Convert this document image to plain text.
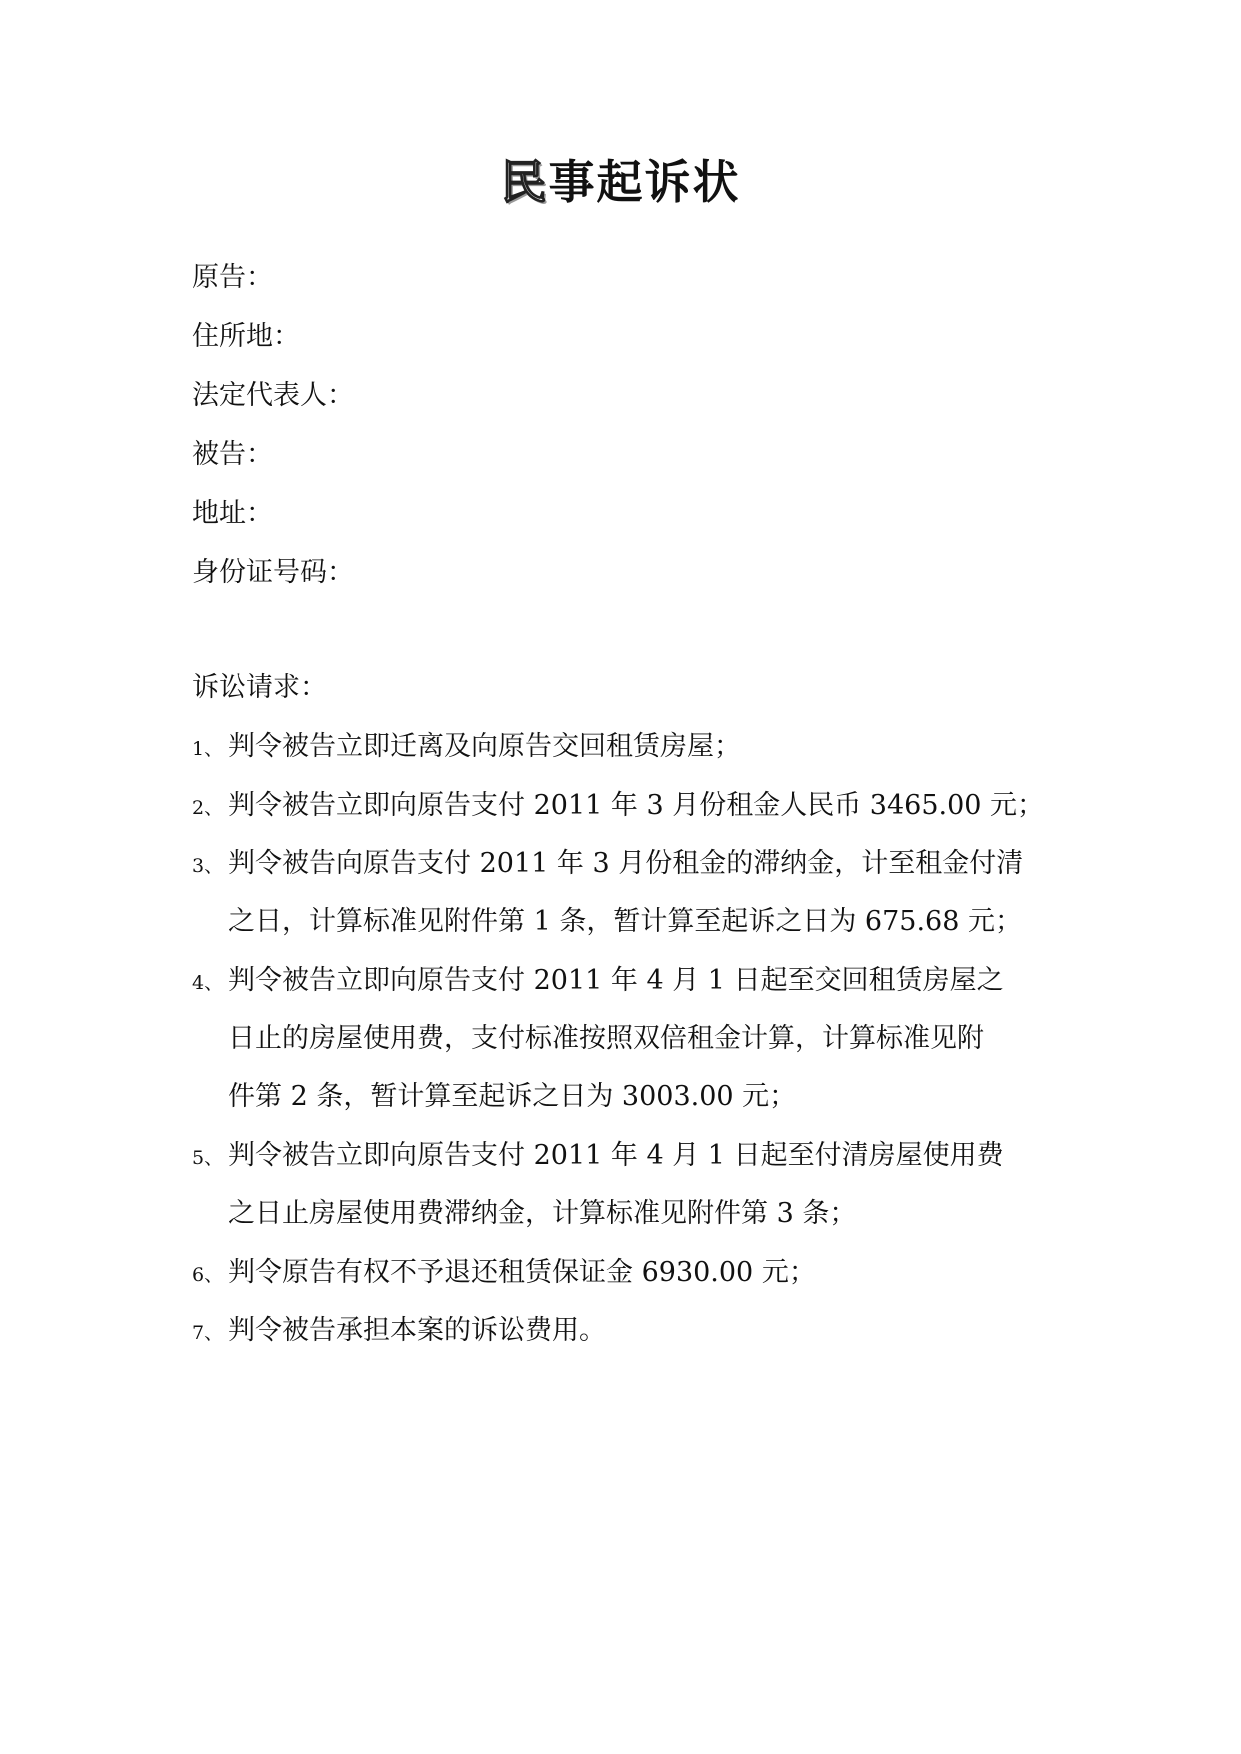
民事起诉状
原告：
住所地：
法定代表人：
被告：
地址：
身份证号码：
诉讼请求：
1、 判令被告立即迁离及向原告交回租赁房屋；
2、 判令被告立即向原告支付 2011 年 3 月份租金人民币 3465.00 元；
3、 判令被告向原告支付 2011 年 3 月份租金的滞纳金，计至租金付清
之日，计算标准见附件第 1 条，暂计算至起诉之日为 675.68 元；
4、 判令被告立即向原告支付 2011 年 4 月 1 日起至交回租赁房屋之
日止的房屋使用费，支付标准按照双倍租金计算，计算标准见附
件第 2 条，暂计算至起诉之日为 3003.00 元；
5、 判令被告立即向原告支付 2011 年 4 月 1 日起至付清房屋使用费
之日止房屋使用费滞纳金，计算标准见附件第 3 条；
6、 判令原告有权不予退还租赁保证金 6930.00 元；
7、 判令被告承担本案的诉讼费用。
